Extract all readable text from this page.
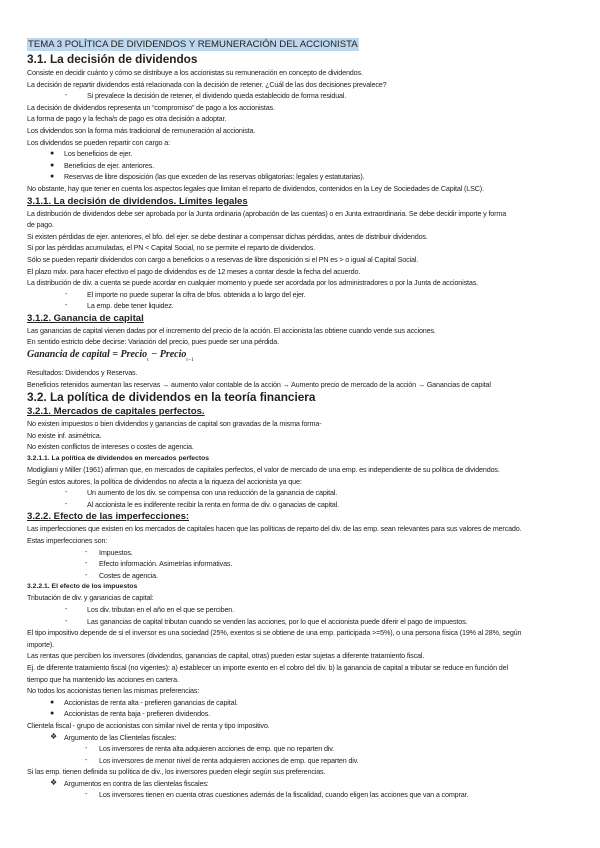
TEMA 3 POLÍTICA DE DIVIDENDOS Y REMUNERACIÓN DEL ACCIONISTA
3.1. La decisión de dividendos
Consiste en decidir cuánto y cómo se distribuye a los accionistas su remuneración en concepto de dividendos.
La decisión de repartir dividendos está relacionada con la decisión de retener. ¿Cuál de las dos decisiones prevalece?
-	Si prevalece la decisión de retener, el dividendo queda establecido de forma residual.
La decisión de dividendos representa un “compromiso” de pago a los accionistas.
La forma de pago y la fecha/s de pago es otra decisión a adoptar.
Los dividendos son la forma más tradicional de remuneración al accionista.
Los dividendos se pueden repartir con cargo a:
● Los beneficios de ejer.
● Beneficios de ejer. anteriores.
● Reservas de libre disposición (las que exceden de las reservas obligatorias: legales y estatutarias).
No obstante, hay que tener en cuenta los aspectos legales que limitan el reparto de dividendos, contenidos en la Ley de Sociedades de Capital (LSC).
3.1.1. La decisión de dividendos. Límites legales
La distribución de dividendos debe ser aprobada por la Junta ordinaria (aprobación de las cuentas) o en Junta extraordinaria. Se debe decidir importe y forma
de pago.
Si existen pérdidas de ejer. anteriores, el bfo. del ejer. se debe destinar a compensar dichas pérdidas, antes de distribuir dividendos.
Si por las pérdidas acumuladas, el PN < Capital Social, no se permite el reparto de dividendos.
Sólo se pueden repartir dividendos con cargo a beneficios o a reservas de libre disposición si el PN es > o igual al Capital Social.
El plazo máx. para hacer efectivo el pago de dividendos es de 12 meses a contar desde la fecha del acuerdo.
La distribución de div. a cuenta se puede acordar en cualquier momento y puede ser acordada por los administradores o por la Junta de accionistas.
-	El importe no puede superar la cifra de bfos. obtenida a lo largo del ejer.
-	La emp. debe tener liquidez.
3.1.2. Ganancia de capital
Las ganancias de capital vienen dadas por el incremento del precio de la acción. El accionista las obtiene cuando vende sus acciones.
En sentido estricto debe decirse: Variación del precio, pues puede ser una pérdida.
Ganancia de capital = Precio$_t$ − Precio$_{t-1}$
Resultados: Dividendos y Reservas.
Beneficios retenidos aumentan las reservas → aumento valor contable de la acción → Aumento precio de mercado de la acción → Ganancias de capital
3.2. La política de dividendos en la teoría financiera
3.2.1. Mercados de capitales perfectos.
No existen impuestos o bien dividendos y ganancias de capital son gravadas de la misma forma-
No existe inf. asimétrica.
No existen conflictos de intereses o costes de agencia.
3.2.1.1. La política de dividendos en mercados perfectos
Modigliani y Miller (1961) afirman que, en mercados de capitales perfectos, el valor de mercado de una emp. es independiente de su política de dividendos.
Según estos autores, la política de dividendos no afecta a la riqueza del accionista ya que:
-	Un aumento de los div. se compensa con una reducción de la ganancia de capital.
-	Al accionista le es indiferente recibir la renta en forma de div. o ganacias de capital.
3.2.2. Efecto de las imperfecciones:
Las imperfecciones que existen en los mercados de capitales hacen que las políticas de reparto del div. de las emp. sean relevantes para sus valores de mercado.
Estas imperfecciones son:
- Impuestos.
- Efecto información. Asimetrías informativas.
- Costes de agencia.
3.2.2.1. El efecto de los impuestos
Tributación de div. y ganancias de capital:
-	Los div. tributan en el año en el que se perciben.
-	Las ganancias de capital tributan cuando se venden las acciones, por lo que el accionista puede diferir el pago de impuestos.
El tipo impositivo depende de si el inversor es una sociedad (25%, exentos si se obtiene de una emp. participada >=5%), o una persona física (19% al 28%, según
importe).
Las rentas que perciben los inversores (dividendos, ganancias de capital, otras) pueden estar sujetas a diferente tratamiento fiscal.
Ej. de diferente tratamiento fiscal (no vigentes): a) establecer un importe exento en el cobro del div. b) la ganancia de capital a tributar se reduce en función del
tiempo que ha mantenido las acciones en cartera.
No todos los accionistas tienen las mismas preferencias:
● Accionistas de renta alta - prefieren ganancias de capital.
● Accionistas de renta baja - prefieren dividendos.
Clientela fiscal - grupo de accionistas con similar nivel de renta y tipo impositivo.
❖ Argumento de las Clientelas fiscales:
- Los inversores de renta alta adquieren acciones de emp. que no reparten div.
- Los inversores de menor nivel de renta adquieren acciones de emp. que reparten div.
Si las emp. tienen definida su política de div., los inversores pueden elegir según sus preferencias.
❖ Argumentos en contra de las clientelas fiscales:
- Los inversores tienen en cuenta otras cuestiones además de la fiscalidad, cuando eligen las acciones que van a comprar.
